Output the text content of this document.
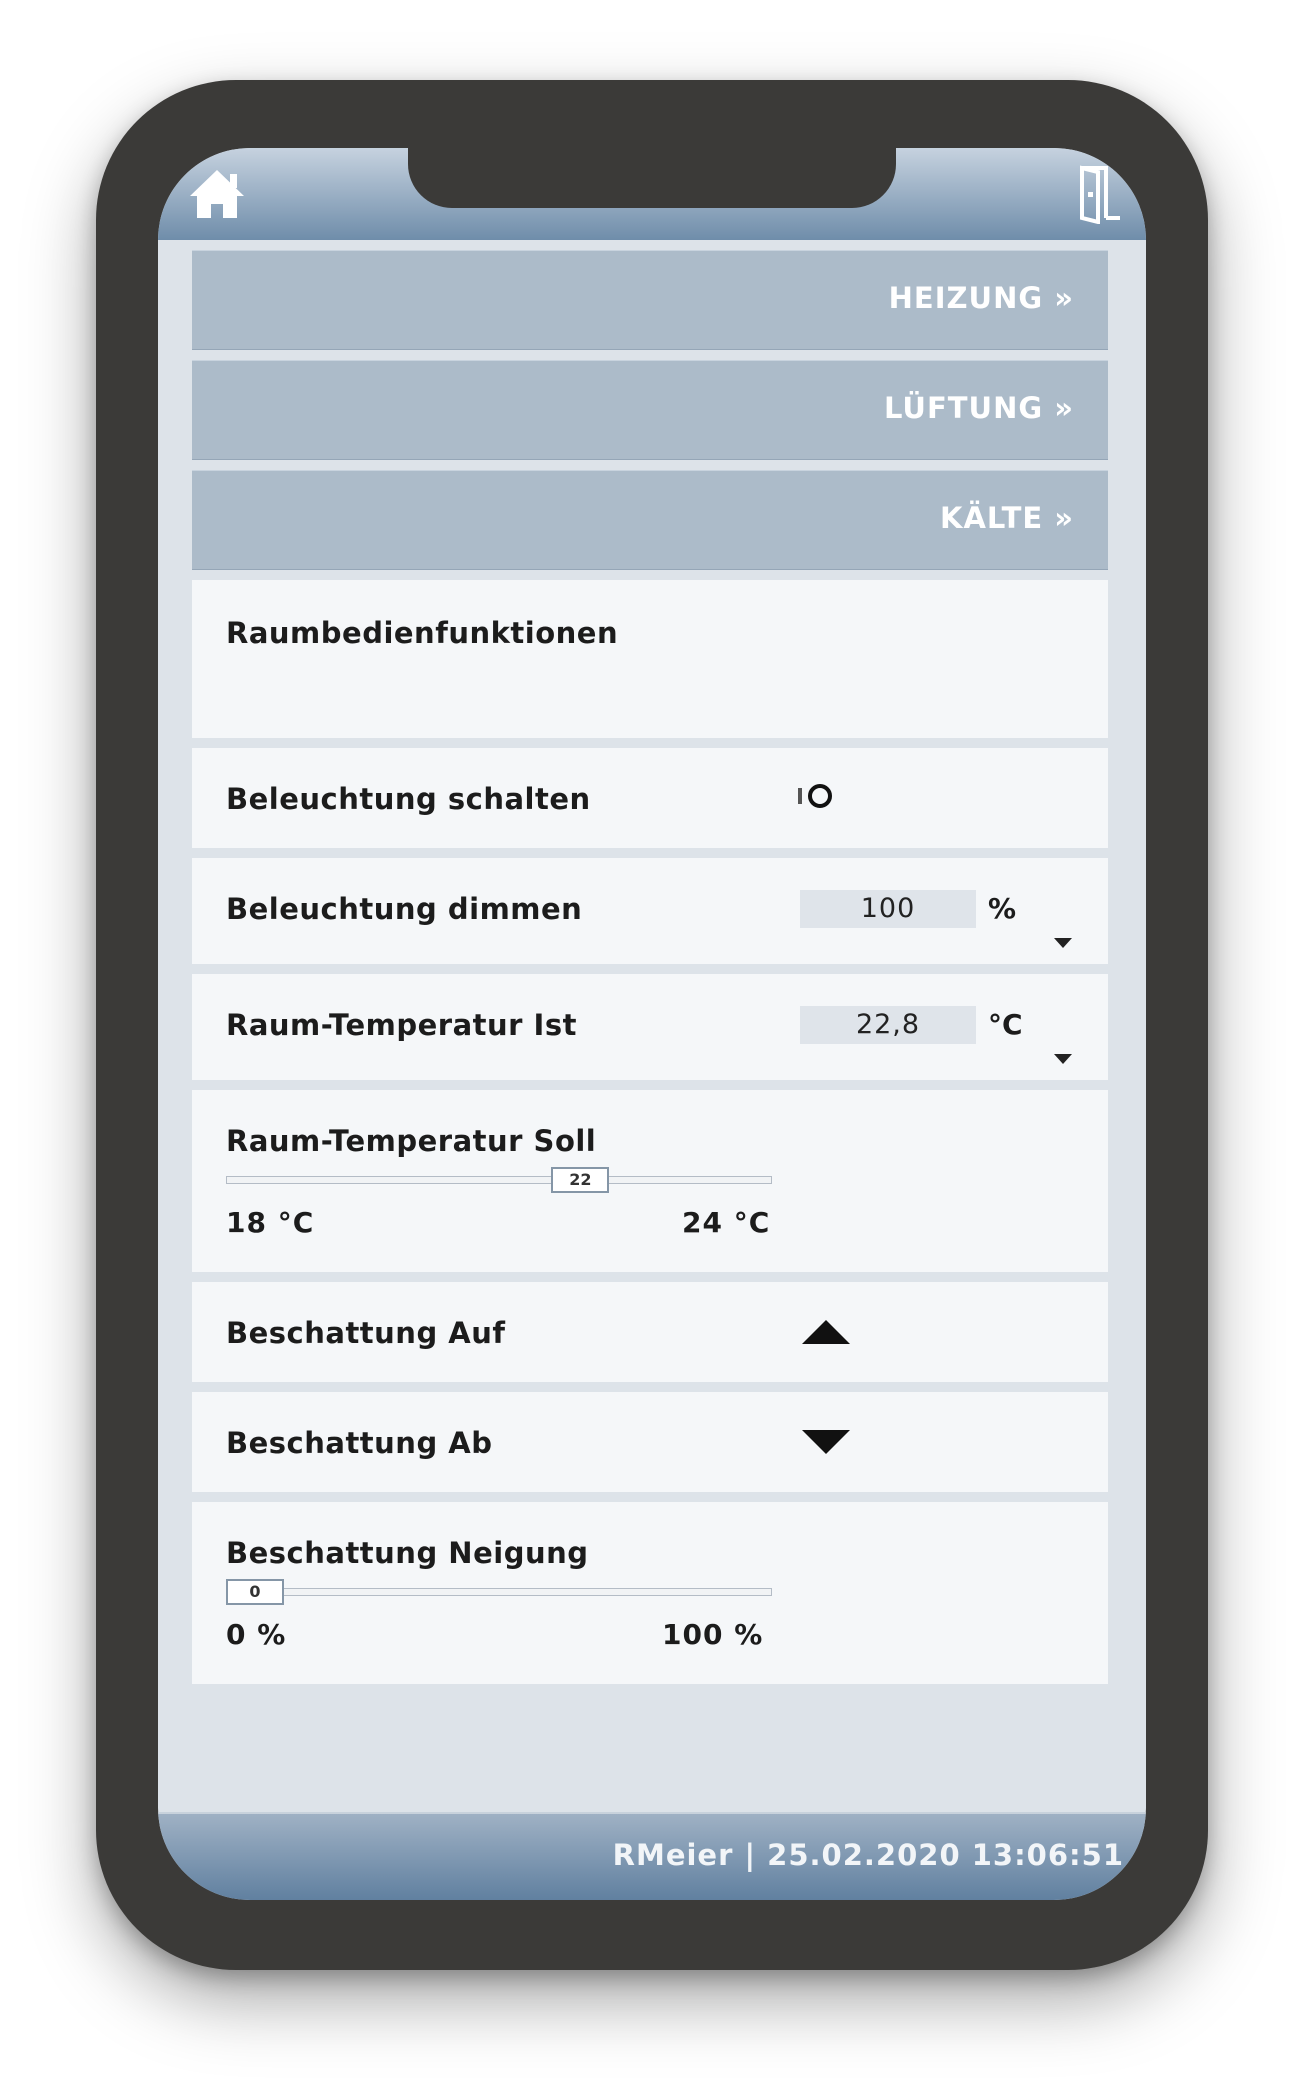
HEIZUNG »
LÜFTUNG »
KÄLTE »
Raumbedienfunktionen
Beleuchtung schalten
Beleuchtung dimmen	100	%
Raum-Temperatur Ist	22,8	°C
Raum-Temperatur Soll
22
18 °C	24 °C
Beschattung Auf
Beschattung Ab
Beschattung Neigung
0
0 %	100 %
RMeier | 25.02.2020 13:06:51
